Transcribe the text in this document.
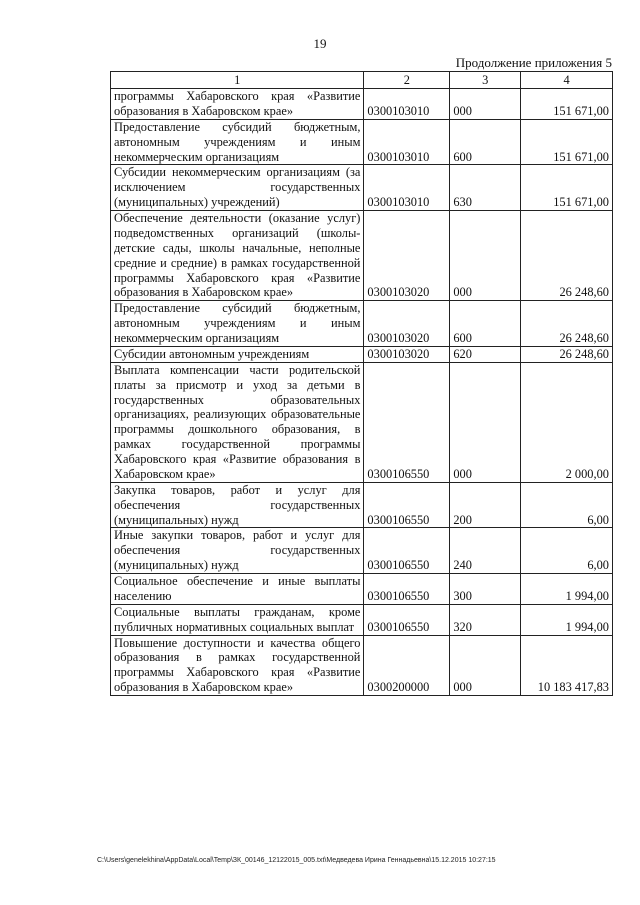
19
Продолжение приложения 5
1	2	3	4
программы Хабаровского края «Развитие образования в Хабаровском крае»	0300103010	000	151 671,00
Предоставление субсидий бюджетным, автономным учреждениям и иным некоммерческим организациям	0300103010	600	151 671,00
Субсидии некоммерческим организациям (за исключением государственных (муниципальных) учреждений)	0300103010	630	151 671,00
Обеспечение деятельности (оказание услуг) подведомственных организаций (школы-детские сады, школы начальные, неполные средние и средние) в рамках государственной программы Хабаровского края «Развитие образования в Хабаровском крае»	0300103020	000	26 248,60
Предоставление субсидий бюджетным, автономным учреждениям и иным некоммерческим организациям	0300103020	600	26 248,60
Субсидии автономным учреждениям	0300103020	620	26 248,60
Выплата компенсации части родительской платы за присмотр и уход за детьми в государственных образовательных организациях, реализующих образовательные программы дошкольного образования, в рамках государственной программы Хабаровского края «Развитие образования в Хабаровском крае»	0300106550	000	2 000,00
Закупка товаров, работ и услуг для обеспечения государственных (муниципальных) нужд	0300106550	200	6,00
Иные закупки товаров, работ и услуг для обеспечения государственных (муниципальных) нужд	0300106550	240	6,00
Социальное обеспечение и иные выплаты населению	0300106550	300	1 994,00
Социальные выплаты гражданам, кроме публичных нормативных социальных выплат	0300106550	320	1 994,00
Повышение доступности и качества общего образования в рамках государственной программы Хабаровского края «Развитие образования в Хабаровском крае»	0300200000	000	10 183 417,83
C:\Users\genelekhina\AppData\Local\Temp\ЗК_00146_12122015_005.txt\Медведева Ирина Геннадьевна\15.12.2015 10:27:15
